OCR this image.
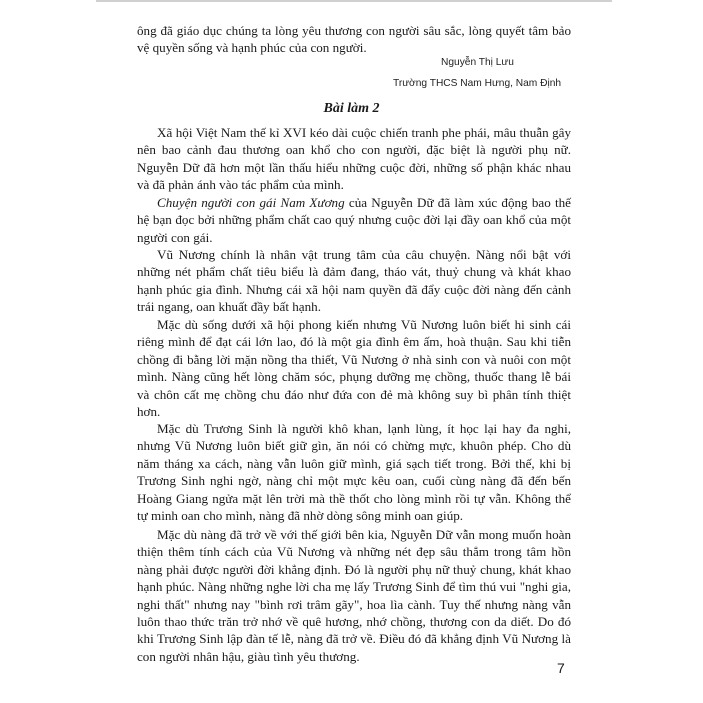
ông đã giáo dục chúng ta lòng yêu thương con người sâu sắc, lòng quyết tâm bảo vệ quyền sống và hạnh phúc của con người.

Nguyễn Thị Lưu
Trường THCS Nam Hưng, Nam Định
Bài làm 2

Xã hội Việt Nam thế kỉ XVI kéo dài cuộc chiến tranh phe phái, mâu thuẫn gây nên bao cảnh đau thương oan khổ cho con người, đặc biệt là người phụ nữ. Nguyễn Dữ đã hơn một lần thấu hiểu những cuộc đời, những số phận khác nhau và đã phản ánh vào tác phẩm của mình.

Chuyện người con gái Nam Xương của Nguyễn Dữ đã làm xúc động bao thế hệ bạn đọc bởi những phẩm chất cao quý nhưng cuộc đời lại đầy oan khổ của một người con gái.

Vũ Nương chính là nhân vật trung tâm của câu chuyện. Nàng nổi bật với những nét phẩm chất tiêu biểu là đảm đang, tháo vát, thuỷ chung và khát khao hạnh phúc gia đình. Nhưng cái xã hội nam quyền đã đẩy cuộc đời nàng đến cảnh trái ngang, oan khuất đầy bất hạnh.

Mặc dù sống dưới xã hội phong kiến nhưng Vũ Nương luôn biết hi sinh cái riêng mình để đạt cái lớn lao, đó là một gia đình êm ấm, hoà thuận. Sau khi tiễn chồng đi bằng lời mặn nồng tha thiết, Vũ Nương ở nhà sinh con và nuôi con một mình. Nàng cũng hết lòng chăm sóc, phụng dưỡng mẹ chồng, thuốc thang lễ bái và chôn cất mẹ chồng chu đáo như đứa con đẻ mà không suy bì phân tính thiệt hơn.

Mặc dù Trương Sinh là người khô khan, lạnh lùng, ít học lại hay đa nghi, nhưng Vũ Nương luôn biết giữ gìn, ăn nói có chừng mực, khuôn phép. Cho dù năm tháng xa cách, nàng vẫn luôn giữ mình, giá sạch tiết trong. Bởi thế, khi bị Trương Sinh nghi ngờ, nàng chỉ một mực kêu oan, cuối cùng nàng đã đến bến Hoàng Giang ngửa mặt lên trời mà thề thốt cho lòng mình rồi tự vẫn. Không thể tự minh oan cho mình, nàng đã nhờ dòng sông minh oan giúp.

Mặc dù nàng đã trở về với thế giới bên kia, Nguyễn Dữ vẫn mong muốn hoàn thiện thêm tính cách của Vũ Nương và những nét đẹp sâu thẳm trong tâm hồn nàng phải được người đời khẳng định. Đó là người phụ nữ thuỷ chung, khát khao hạnh phúc. Nàng những nghe lời cha mẹ lấy Trương Sinh để tìm thú vui "nghi gia, nghi thất" nhưng nay "bình rơi trâm gãy", hoa lìa cành. Tuy thế nhưng nàng vẫn luôn thao thức trăn trở nhớ về quê hương, nhớ chồng, thương con da diết. Do đó khi Trương Sinh lập đàn tế lễ, nàng đã trở về. Điều đó đã khẳng định Vũ Nương là con người nhân hậu, giàu tình yêu thương.

7
